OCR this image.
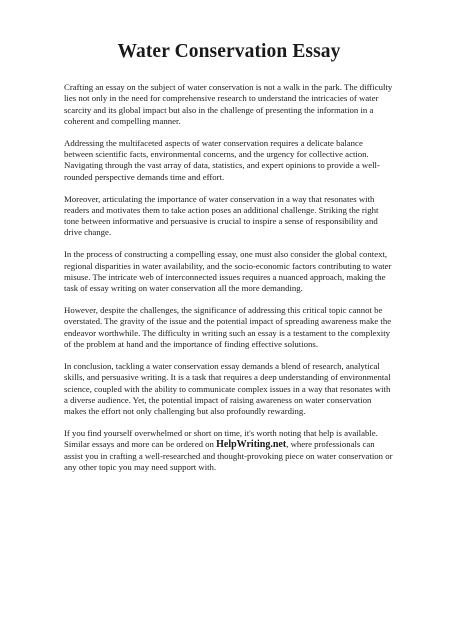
Water Conservation Essay

Crafting an essay on the subject of water conservation is not a walk in the park. The difficulty lies not only in the need for comprehensive research to understand the intricacies of water scarcity and its global impact but also in the challenge of presenting the information in a coherent and compelling manner.

Addressing the multifaceted aspects of water conservation requires a delicate balance between scientific facts, environmental concerns, and the urgency for collective action. Navigating through the vast array of data, statistics, and expert opinions to provide a well-rounded perspective demands time and effort.

Moreover, articulating the importance of water conservation in a way that resonates with readers and motivates them to take action poses an additional challenge. Striking the right tone between informative and persuasive is crucial to inspire a sense of responsibility and drive change.

In the process of constructing a compelling essay, one must also consider the global context, regional disparities in water availability, and the socio-economic factors contributing to water misuse. The intricate web of interconnected issues requires a nuanced approach, making the task of essay writing on water conservation all the more demanding.

However, despite the challenges, the significance of addressing this critical topic cannot be overstated. The gravity of the issue and the potential impact of spreading awareness make the endeavor worthwhile. The difficulty in writing such an essay is a testament to the complexity of the problem at hand and the importance of finding effective solutions.

In conclusion, tackling a water conservation essay demands a blend of research, analytical skills, and persuasive writing. It is a task that requires a deep understanding of environmental science, coupled with the ability to communicate complex issues in a way that resonates with a diverse audience. Yet, the potential impact of raising awareness on water conservation makes the effort not only challenging but also profoundly rewarding.

If you find yourself overwhelmed or short on time, it's worth noting that help is available. Similar essays and more can be ordered on HelpWriting.net, where professionals can assist you in crafting a well-researched and thought-provoking piece on water conservation or any other topic you may need support with.
